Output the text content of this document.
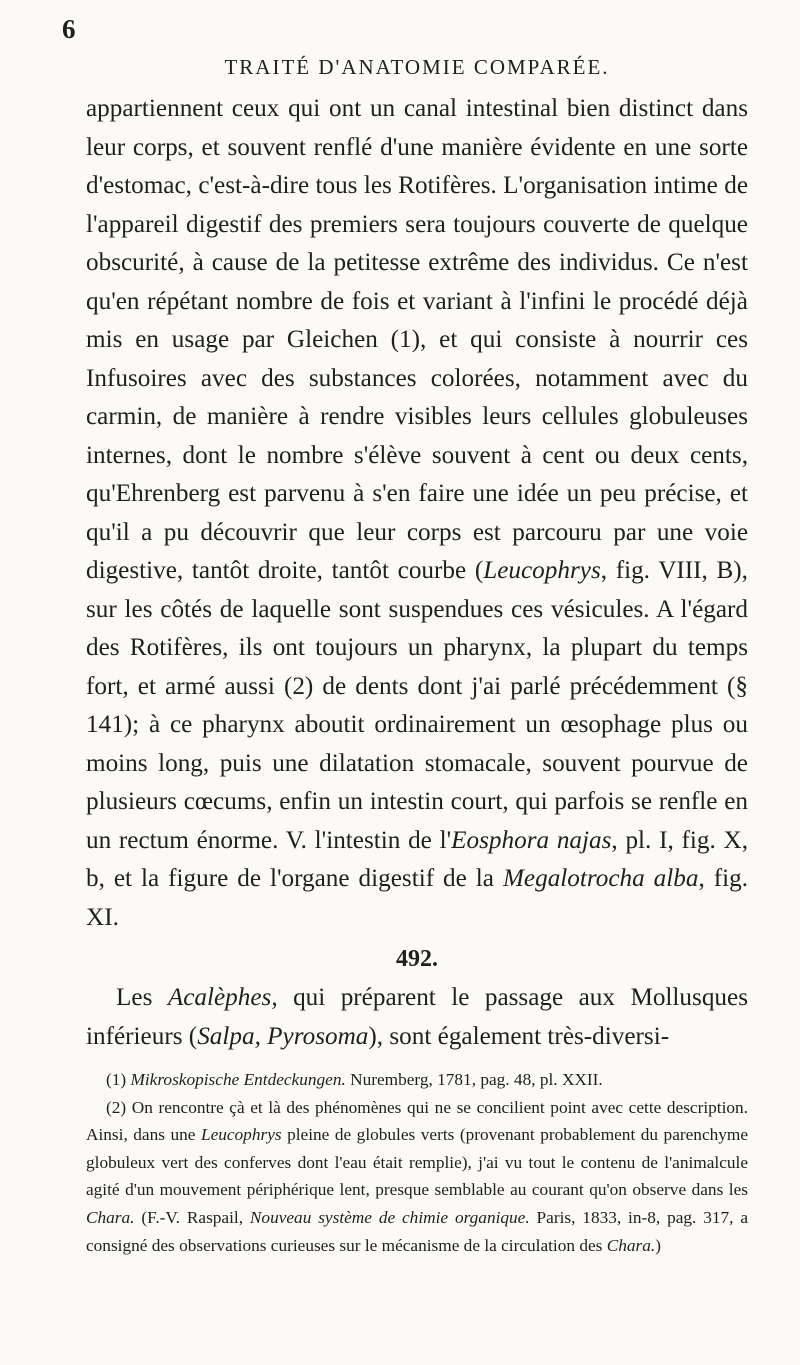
6
TRAITÉ D'ANATOMIE COMPARÉE.

appartiennent ceux qui ont un canal intestinal bien distinct dans leur corps, et souvent renflé d'une manière évidente en une sorte d'estomac, c'est-à-dire tous les Rotifères. L'organisation intime de l'appareil digestif des premiers sera toujours couverte de quelque obscurité, à cause de la petitesse extrême des individus. Ce n'est qu'en répétant nombre de fois et variant à l'infini le procédé déjà mis en usage par Gleichen (1), et qui consiste à nourrir ces Infusoires avec des substances colorées, notamment avec du carmin, de manière à rendre visibles leurs cellules globuleuses internes, dont le nombre s'élève souvent à cent ou deux cents, qu'Ehrenberg est parvenu à s'en faire une idée un peu précise, et qu'il a pu découvrir que leur corps est parcouru par une voie digestive, tantôt droite, tantôt courbe (Leucophrys, fig. VIII, B), sur les côtés de laquelle sont suspendues ces vésicules. A l'égard des Rotifères, ils ont toujours un pharynx, la plupart du temps fort, et armé aussi (2) de dents dont j'ai parlé précédemment (§ 141); à ce pharynx aboutit ordinairement un œsophage plus ou moins long, puis une dilatation stomacale, souvent pourvue de plusieurs cœcums, enfin un intestin court, qui parfois se renfle en un rectum énorme. V. l'intestin de l'Eosphora najas, pl. I, fig. X, b, et la figure de l'organe digestif de la Megalotrocha alba, fig. XI.

492.

Les Acalèphes, qui préparent le passage aux Mollusques inférieurs (Salpa, Pyrosoma), sont également très-diversi-

(1) Mikroskopische Entdeckungen. Nuremberg, 1781, pag. 48, pl. XXII.

(2) On rencontre çà et là des phénomènes qui ne se concilient point avec cette description. Ainsi, dans une Leucophrys pleine de globules verts (provenant probablement du parenchyme globuleux vert des conferves dont l'eau était remplie), j'ai vu tout le contenu de l'animalcule agité d'un mouvement périphérique lent, presque semblable au courant qu'on observe dans les Chara. (F.-V. Raspail, Nouveau système de chimie organique. Paris, 1833, in-8, pag. 317, a consigné des observations curieuses sur le mécanisme de la circulation des Chara.)
